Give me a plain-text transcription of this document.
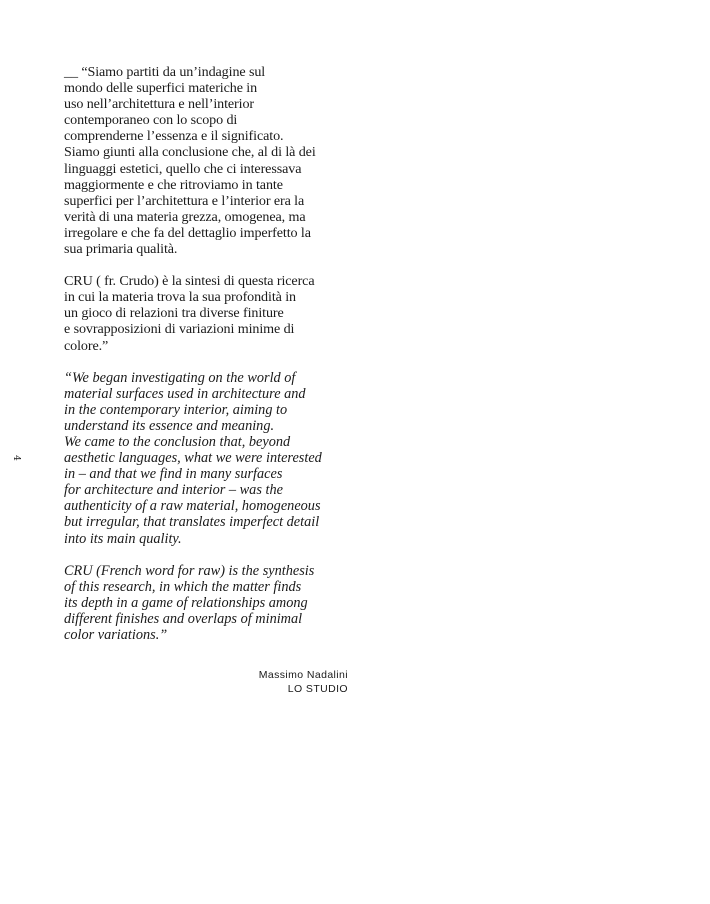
4

__ “Siamo partiti da un’indagine sul
mondo delle superfici materiche in
uso nell’architettura e nell’interior
contemporaneo con lo scopo di
comprenderne l’essenza e il significato.
Siamo giunti alla conclusione che, al di là dei
linguaggi estetici, quello che ci interessava
maggiormente e che ritroviamo in tante
superfici per l’architettura e l’interior era la
verità di una materia grezza, omogenea, ma
irregolare e che fa del dettaglio imperfetto la
sua primaria qualità.

CRU ( fr. Crudo) è la sintesi di questa ricerca
in cui la materia trova la sua profondità in
un gioco di relazioni tra diverse finiture
e sovrapposizioni di variazioni minime di
colore.”

“We began investigating on the world of
material surfaces used in architecture and
in the contemporary interior, aiming to
understand its essence and meaning.
We came to the conclusion that, beyond
aesthetic languages, what we were interested
in – and that we find in many surfaces
for architecture and interior – was the
authenticity of a raw material, homogeneous
but irregular, that translates imperfect detail
into its main quality.

CRU (French word for raw) is the synthesis
of this research, in which the matter finds
its depth in a game of relationships among
different finishes and overlaps of minimal
color variations.”

Massimo Nadalini
LO STUDIO
